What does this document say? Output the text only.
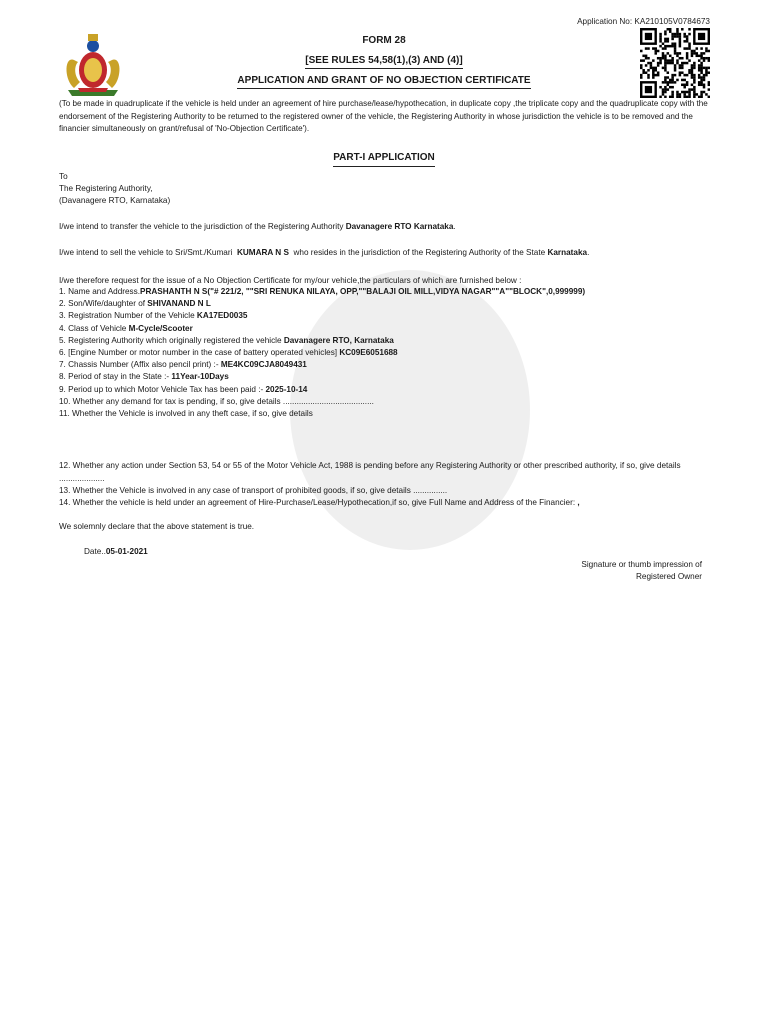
Application No: KA210105V0784673
FORM 28
[SEE RULES 54,58(1),(3) AND (4)]
APPLICATION AND GRANT OF NO OBJECTION CERTIFICATE
(To be made in quadruplicate if the vehicle is held under an agreement of hire purchase/lease/hypothecation, in duplicate copy ,the triplicate copy and the quadruplicate copy with the endorsement of the Registering Authority to be returned to the registered owner of the vehicle, the Registering Authority in whose jurisdiction the vehicle is to be removed and the financier simultaneously on grant/refusal of 'No-Objection Certificate').
PART-I APPLICATION
To
The Registering Authority,
(Davanagere RTO, Karnataka)
I/we intend to transfer the vehicle to the jurisdiction of the Registering Authority Davanagere RTO Karnataka.
I/we intend to sell the vehicle to Sri/Smt./Kumari  KUMARA N S  who resides in the jurisdiction of the Registering Authority of the State Karnataka.
I/we therefore request for the issue of a No Objection Certificate for my/our vehicle,the particulars of which are furnished below :
1. Name and Address.PRASHANTH N S("# 221/2, ""SRI RENUKA NILAYA, OPP,""BALAJI OIL MILL,VIDYA NAGAR""A""BLOCK",0,999999)
2. Son/Wife/daughter of SHIVANAND N L
3. Registration Number of the Vehicle KA17ED0035
4. Class of Vehicle M-Cycle/Scooter
5. Registering Authority which originally registered the vehicle Davanagere RTO, Karnataka
6. [Engine Number or motor number in the case of battery operated vehicles] KC09E6051688
7. Chassis Number (Affix also pencil print) :- ME4KC09CJA8049431
8. Period of stay in the State :- 11Year-10Days
9. Period up to which Motor Vehicle Tax has been paid :- 2025-10-14
10. Whether any demand for tax is pending, if so, give details ........................................
11. Whether the Vehicle is involved in any theft case, if so, give details
12. Whether any action under Section 53, 54 or 55 of the Motor Vehicle Act, 1988 is pending before any Registering Authority or other prescribed authority, if so, give details
....................
13. Whether the Vehicle is involved in any case of transport of prohibited goods, if so, give details ...............
14. Whether the vehicle is held under an agreement of Hire-Purchase/Lease/Hypothecation,if so, give Full Name and Address of the Financier: ,
We solemnly declare that the above statement is true.
Date..05-01-2021
Signature or thumb impression of
Registered Owner
